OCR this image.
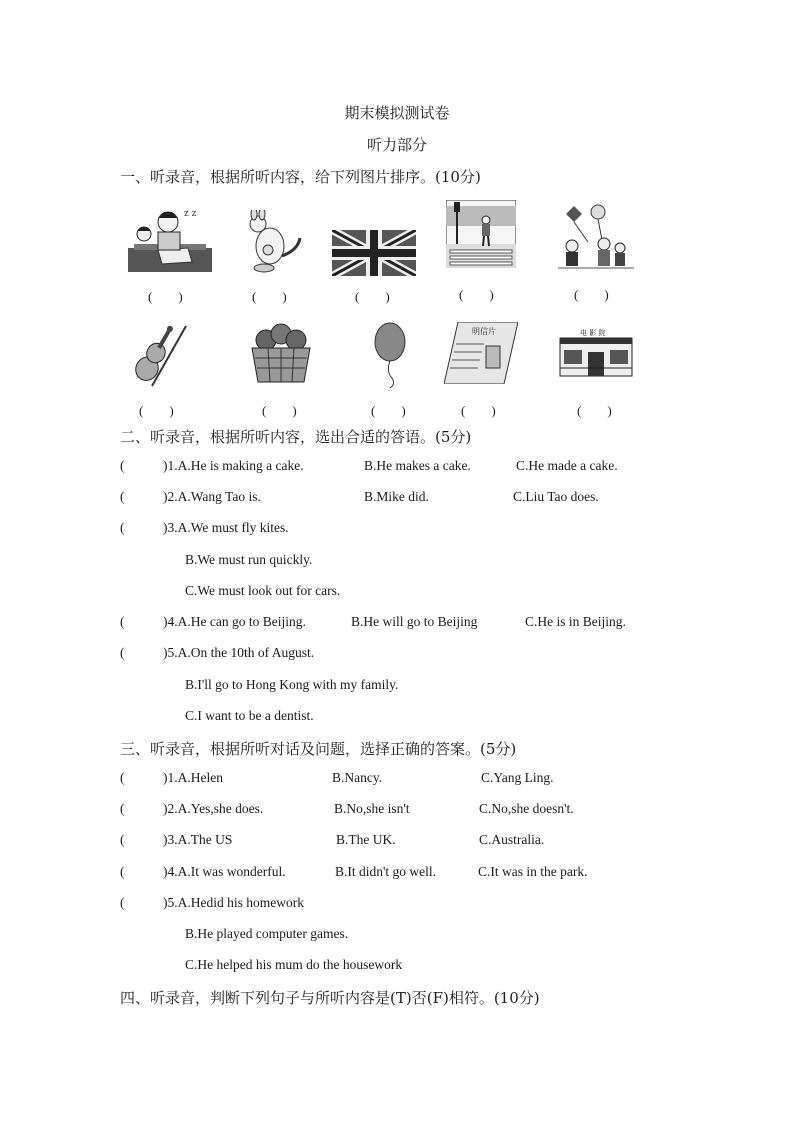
期末模拟测试卷
听力部分
一、听录音，根据所听内容，给下列图片排序。(10分)
z z
(　　)	(　　)	(　　)	(　　)	(　　)
明信片	电 影 院
(　　)	(　　)	(　　)	(　　)	(　　)
二、听录音，根据所听内容，选出合适的答语。(5分)
(	)1.A.He is making a cake.	B.He makes a cake.	C.He made a cake.
(	)2.A.Wang Tao is.	B.Mike did.	C.Liu Tao does.
(	)3.A.We must fly kites.
B.We must run quickly.
C.We must look out for cars.
(	)4.A.He can go to Beijing.	B.He will go to Beijing	C.He is in Beijing.
(	)5.A.On the 10th of August.
B.I'll go to Hong Kong with my family.
C.I want to be a dentist.
三、听录音，根据所听对话及问题，选择正确的答案。(5分)
(	)1.A.Helen	B.Nancy.	C.Yang Ling.
(	)2.A.Yes,she does.	B.No,she isn't	C.No,she doesn't.
(	)3.A.The US	B.The UK.	C.Australia.
(	)4.A.It was wonderful.	B.It didn't go well.	C.It was in the park.
(	)5.A.Hedid his homework
B.He played computer games.
C.He helped his mum do the housework
四、听录音，判断下列句子与所听内容是(T)否(F)相符。(10分)
